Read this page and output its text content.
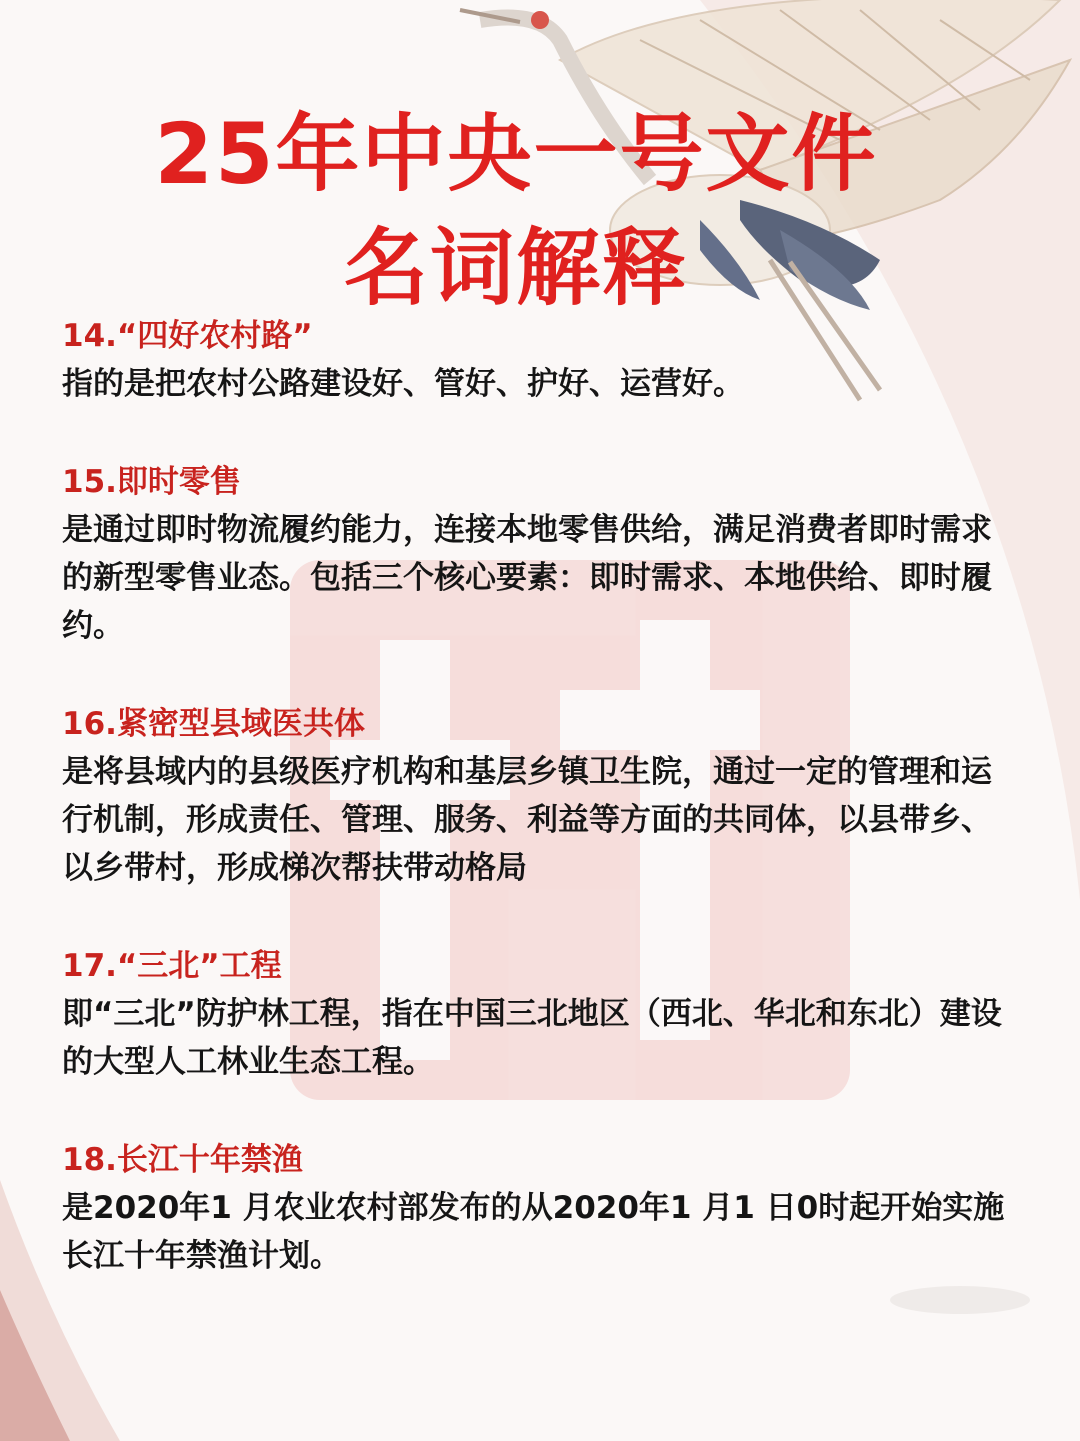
25年中央一号文件
名词解释
14.“四好农村路”

指的是把农村公路建设好、管好、护好、运营好。

15.即时零售

是通过即时物流履约能力，连接本地零售供给，满足消费者即时需求的新型零售业态。包括三个核心要素：即时需求、本地供给、即时履约。

16.紧密型县域医共体

是将县域内的县级医疗机构和基层乡镇卫生院，通过一定的管理和运行机制，形成责任、管理、服务、利益等方面的共同体，以县带乡、以乡带村，形成梯次帮扶带动格局

17.“三北”工程

即“三北”防护林工程，指在中国三北地区（西北、华北和东北）建设的大型人工林业生态工程。

18.长江十年禁渔

是2020年1 月农业农村部发布的从2020年1 月1 日0时起开始实施长江十年禁渔计划。
